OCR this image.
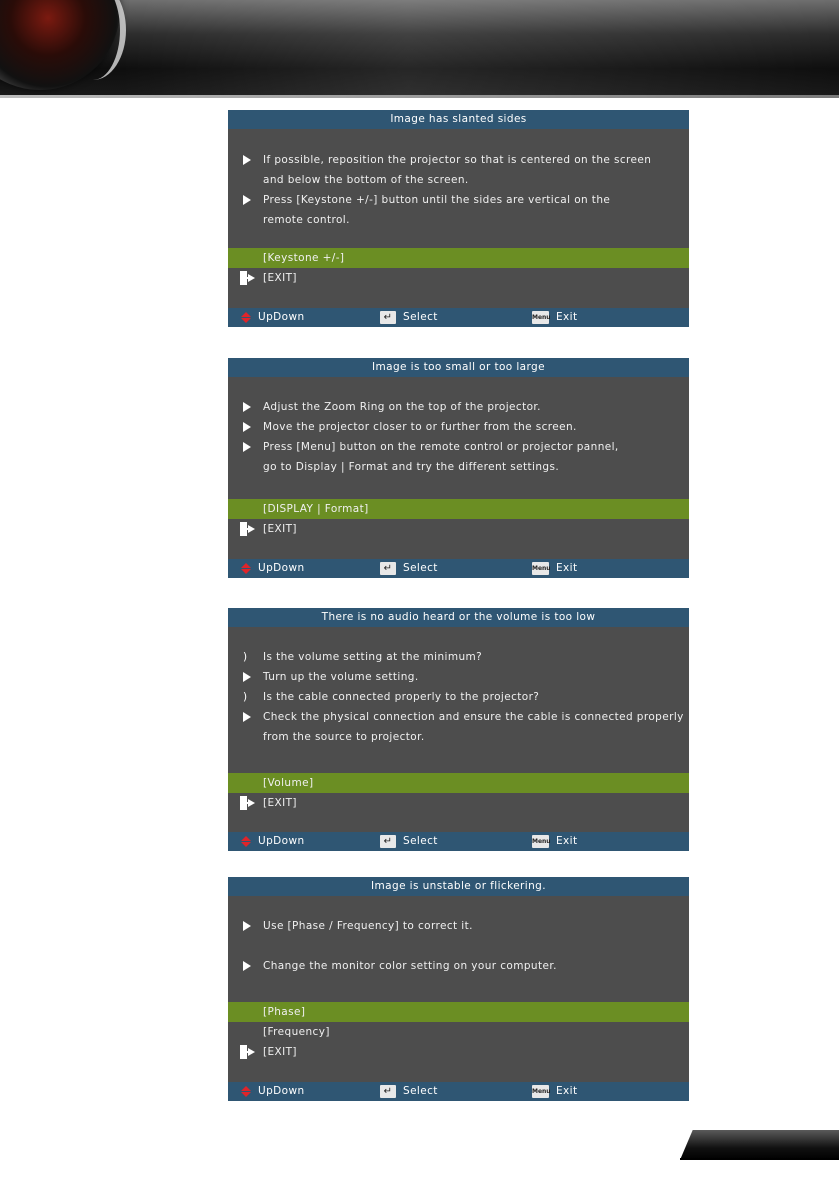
Image has slanted sides
If possible, reposition the projector so that is centered on the screen
and below the bottom of the screen.
Press [Keystone +/-] button until the sides are vertical on the
remote control.
[Keystone +/-]
[EXIT]
UpDown	↵	Select	Menu Exit
Image is too small or too large
Adjust the Zoom Ring on the top of the projector.
Move the projector closer to or further from the screen.
Press [Menu] button on the remote control or projector pannel,
go to Display | Format and try the different settings.
[DISPLAY | Format]
[EXIT]
UpDown	↵	Select	Menu Exit
There is no audio heard or the volume is too low
) Is the volume setting at the minimum?
Turn up the volume setting.
) Is the cable connected properly to the projector?
Check the physical connection and ensure the cable is connected properly
from the source to projector.
[Volume]
[EXIT]
UpDown	↵	Select	Menu Exit
Image is unstable or flickering.
Use [Phase / Frequency] to correct it.
Change the monitor color setting on your computer.
[Phase]
[Frequency]
[EXIT]
UpDown	↵	Select	Menu Exit
